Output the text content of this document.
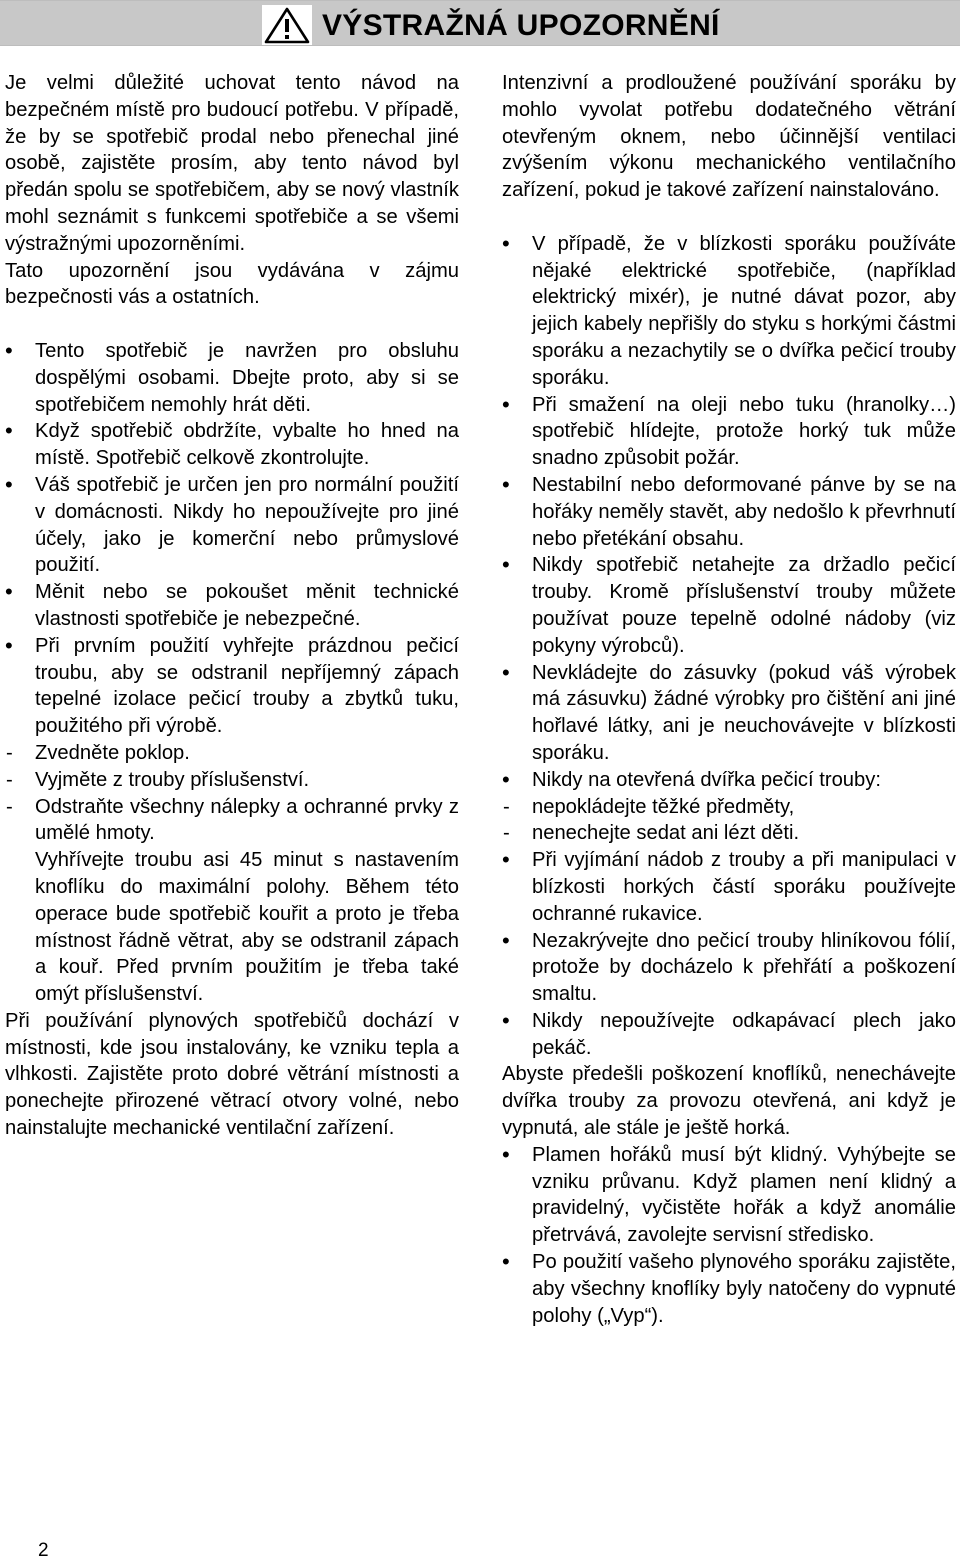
VÝSTRAŽNÁ UPOZORNĚNÍ

Je velmi důležité uchovat tento návod na bezpečném místě pro budoucí potřebu. V případě, že by se spotřebič prodal nebo přenechal jiné osobě, zajistěte prosím, aby tento návod byl předán spolu se spotřebičem, aby se nový vlastník mohl seznámit s funkcemi spotřebiče a se všemi výstražnými upozorněními.

Tato upozornění jsou vydávána v zájmu bezpečnosti vás a ostatních.

• Tento spotřebič je navržen pro obsluhu dospělými osobami. Dbejte proto, aby si se spotřebičem nemohly hrát děti.
• Když spotřebič obdržíte, vybalte ho hned na místě. Spotřebič celkově zkontrolujte.
• Váš spotřebič je určen jen pro normální použití v domácnosti. Nikdy ho nepoužívejte pro jiné účely, jako je komerční nebo průmyslové použití.
• Měnit nebo se pokoušet měnit technické vlastnosti spotřebiče je nebezpečné.
• Při prvním použití vyhřejte prázdnou pečicí troubu, aby se odstranil nepříjemný zápach tepelné izolace pečicí trouby a zbytků tuku, použitého při výrobě.
- Zvedněte poklop.
- Vyjměte z trouby příslušenství.
- Odstraňte všechny nálepky a ochranné prvky z umělé hmoty.

Vyhřívejte troubu asi 45 minut s nastavením knoflíku do maximální polohy. Během této operace bude spotřebič kouřit a proto je třeba místnost řádně větrat, aby se odstranil zápach a kouř. Před prvním použitím je třeba také omýt příslušenství.

Při používání plynových spotřebičů dochází v místnosti, kde jsou instalovány, ke vzniku tepla a vlhkosti. Zajistěte proto dobré větrání místnosti a ponechejte přirozené větrací otvory volné, nebo nainstalujte mechanické ventilační zařízení.

Intenzivní a prodloužené používání sporáku by mohlo vyvolat potřebu dodatečného větrání otevřeným oknem, nebo účinnější ventilaci zvýšením výkonu mechanického ventilačního zařízení, pokud je takové zařízení nainstalováno.

• V případě, že v blízkosti sporáku používáte nějaké elektrické spotřebiče, (například elektrický mixér), je nutné dávat pozor, aby jejich kabely nepřišly do styku s horkými částmi sporáku a nezachytily se o dvířka pečicí trouby sporáku.
• Při smažení na oleji nebo tuku (hranolky…) spotřebič hlídejte, protože horký tuk může snadno způsobit požár.
• Nestabilní nebo deformované pánve by se na hořáky neměly stavět, aby nedošlo k převrhnutí nebo přetékání obsahu.
• Nikdy spotřebič netahejte za držadlo pečicí trouby. Kromě příslušenství trouby můžete používat pouze tepelně odolné nádoby (viz pokyny výrobců).
• Nevkládejte do zásuvky (pokud váš výrobek má zásuvku) žádné výrobky pro čištění ani jiné hořlavé látky, ani je neuchovávejte v blízkosti sporáku.
• Nikdy na otevřená dvířka pečicí trouby:
- nepokládejte těžké předměty,
- nenechejte sedat ani lézt děti.
• Při vyjímání nádob z trouby a při manipulaci v blízkosti horkých částí sporáku používejte ochranné rukavice.
• Nezakrývejte dno pečicí trouby hliníkovou fólií, protože by docházelo k přehřátí a poškození smaltu.
• Nikdy nepoužívejte odkapávací plech jako pekáč.

Abyste předešli poškození knoflíků, nenechávejte dvířka trouby za provozu otevřená, ani když je vypnutá, ale stále je ještě horká.

• Plamen hořáků musí být klidný. Vyhýbejte se vzniku průvanu. Když plamen není klidný a pravidelný, vyčistěte hořák a když anomálie přetrvává, zavolejte servisní středisko.
• Po použití vašeho plynového sporáku zajistěte, aby všechny knoflíky byly natočeny do vypnuté polohy („Vyp“).
2
